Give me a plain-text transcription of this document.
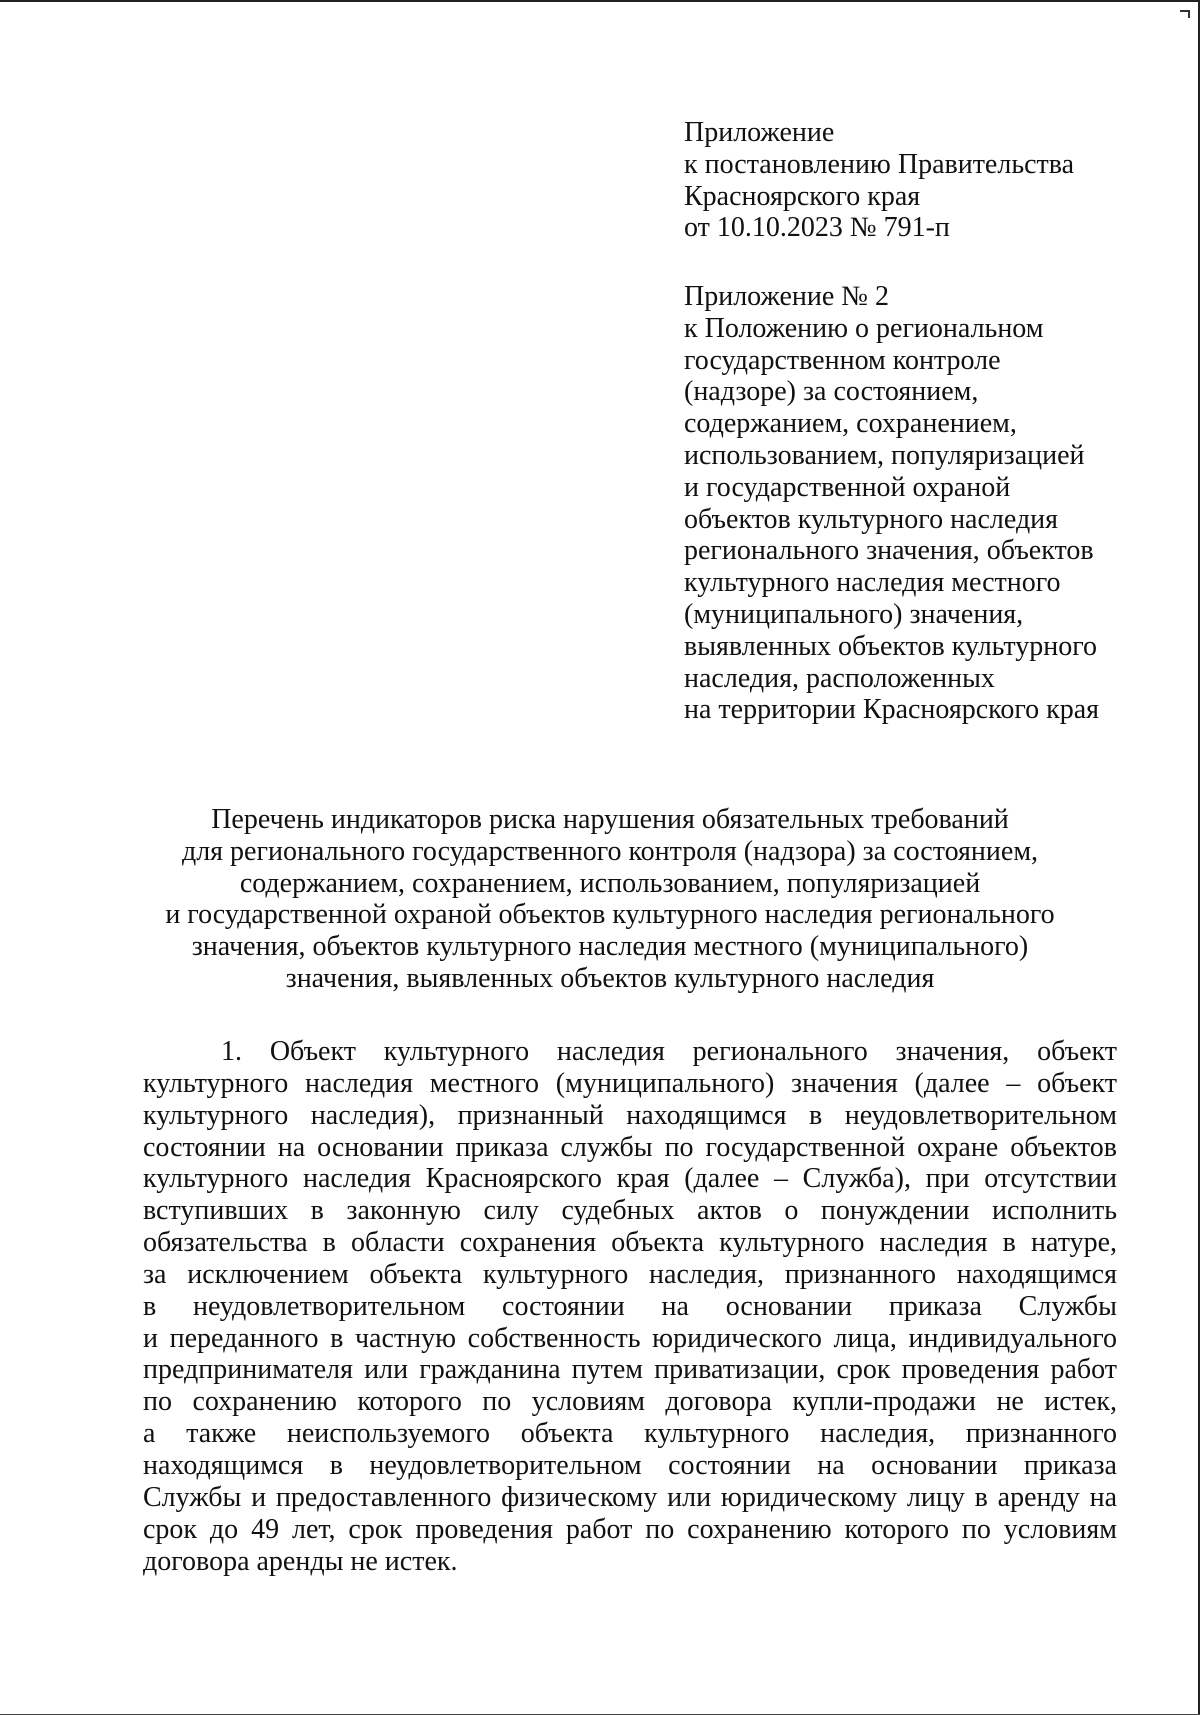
Приложение
к постановлению Правительства
Красноярского края
от 10.10.2023 № 791-п
Приложение № 2
к Положению о региональном
государственном контроле
(надзоре) за состоянием,
содержанием, сохранением,
использованием, популяризацией
и государственной охраной
объектов культурного наследия
регионального значения, объектов
культурного наследия местного
(муниципального) значения,
выявленных объектов культурного
наследия, расположенных
на территории Красноярского края
Перечень индикаторов риска нарушения обязательных требований
для регионального государственного контроля (надзора) за состоянием,
содержанием, сохранением, использованием, популяризацией
и государственной охраной объектов культурного наследия регионального
значения, объектов культурного наследия местного (муниципального)
значения, выявленных объектов культурного наследия
1. Объект культурного наследия регионального значения, объект
культурного наследия местного (муниципального) значения (далее – объект
культурного наследия), признанный находящимся в неудовлетворительном
состоянии на основании приказа службы по государственной охране объектов
культурного наследия Красноярского края (далее – Служба), при отсутствии
вступивших в законную силу судебных актов о понуждении исполнить
обязательства в области сохранения объекта культурного наследия в натуре,
за исключением объекта культурного наследия, признанного находящимся
в неудовлетворительном состоянии на основании приказа Службы
и переданного в частную собственность юридического лица, индивидуального
предпринимателя или гражданина путем приватизации, срок проведения работ
по сохранению которого по условиям договора купли-продажи не истек,
а также неиспользуемого объекта культурного наследия, признанного
находящимся в неудовлетворительном состоянии на основании приказа
Службы и предоставленного физическому или юридическому лицу в аренду на
срок до 49 лет, срок проведения работ по сохранению которого по условиям
договора аренды не истек.
